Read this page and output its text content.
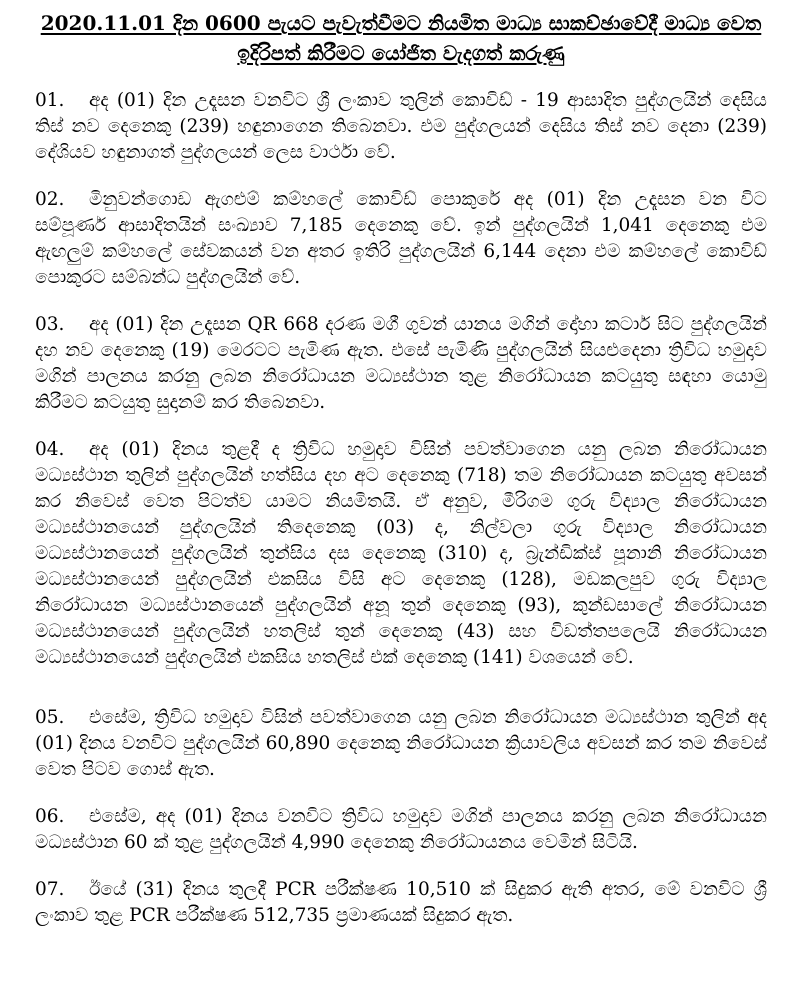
2020.11.01 දින 0600 පැයට පැවැත්වීමට නියමිත මාධ්‍ය සාකච්ඡාවේදී මාධ්‍ය වෙත
ඉදිරිපත් කිරීමට යෝජිත වැදගත් කරුණු

01. අද (01) දින උදෑසන වනවිට ශ්‍රී ලංකාව තුලින් කොවිඩ් - 19 ආසාදිත පුද්ගලයින් දෙසිය තිස් නව දෙනෙකු (239) හඳුනාගෙන තිබෙනවා. එම පුද්ගලයන් දෙසිය තිස් නව දෙනා (239) දේශියව හඳුනාගත් පුද්ගලයන් ලෙස වාර්ථා වේ.

02. මිනුවන්ගොඩ ඇගළුම් කම්හලේ කොවිඩ් පොකුරේ අද (01) දින උදෑසන වන විට සම්පූර්ණ ආසාදිතයින් සංඛ්‍යාව 7,185 දෙනෙකු වේ. ඉන් පුද්ගලයින් 1,041 දෙනෙකු එම ඇඟලුම් කම්හලේ සේවකයන් වන අතර ඉතිරි පුද්ගලයින් 6,144 දෙනා එම කම්හලේ කොවිඩ් පොකුරට සම්බන්ධ පුද්ගලයින් වේ.

03. අද (01) දින උදෑසන QR 668 දරණ මගී ගුවන් යානය මගින් දෝහා කටාර් සිට පුද්ගලයින් දහ නව දෙනෙකු (19) මෙරටට පැමිණ ඇත. එසේ පැමිණි පුද්ගලයින් සියළුදෙනා ත්‍රිවිධ හමුදාව මගින් පාලනය කරනු ලබන නිරෝධායන මධ්‍යස්ථාන තුළ නිරෝධායන කටයුතු සඳහා යොමු කිරීමට කටයුතු සුදානම් කර තිබෙනවා.

04. අද (01) දිනය තුළදී ද ත්‍රිවිධ හමුදාව විසින් පවත්වාගෙන යනු ලබන නිරෝධායන මධ්‍යස්ථාන තුලින් පුද්ගලයින් හත්සිය දහ අට දෙනෙකු (718) තම නිරෝධායන කටයුතු අවසන් කර නිවෙස් වෙත පිටත්ව යාමට නියමිතයි. ඒ අනුව, මීරිගම ගුරු විද්‍යාල නිරෝධායන මධ්‍යස්ථානයෙන් පුද්ගලයින් තිදෙනෙකු (03) ද, නිල්වලා ගුරු විද්‍යාල නිරෝධායන මධ්‍යස්ථානයෙන් පුද්ගලයින් තුන්සිය දස දෙනෙකු (310) ද, බ්‍රැන්ඩික්ස් පූනානි නිරෝධායන මධ්‍යස්ථානයෙන් පුද්ගලයින් එකසිය විසි අට දෙනෙකු (128), මඩකලපුව ගුරු විද්‍යාල නිරෝධායන මධ්‍යස්ථානයෙන් පුද්ගලයින් අනූ තුන් දෙනෙකු (93), කුන්ඩසාලේ නිරෝධායන මධ්‍යස්ථානයෙන් පුද්ගලයින් හතලිස් තුන් දෙනෙකු (43) සහ විඩත්තපලෙයි නිරෝධායන මධ්‍යස්ථානයෙන් පුද්ගලයින් එකසිය හතලිස් එක් දෙනෙකු (141) වශයෙන් වේ.

05. එසේම, ත්‍රිවිධ හමුදාව විසින් පවත්වාගෙන යනු ලබන නිරෝධායන මධ්‍යස්ථාන තුලින් අද (01) දිනය වනවිට පුද්ගලයින් 60,890 දෙනෙකු නිරෝධායන ක්‍රියාවලිය අවසන් කර තම නිවෙස් වෙත පිටව ගොස් ඇත.

06. එසේම, අද (01) දිනය වනවිට ත්‍රිවිධ හමුදාව මගින් පාලනය කරනු ලබන නිරෝධායන මධ්‍යස්ථාන 60 ක් තුළ පුද්ගලයින් 4,990 දෙනෙකු නිරෝධායනය වෙමින් සිටියි.

07. ඊයේ (31) දිනය තුලදී PCR පරීක්ෂණ 10,510 ක් සිදුකර ඇති අතර, මේ වනවිට ශ්‍රී ලංකාව තුළ PCR පරීක්ෂණ 512,735 ප්‍රමාණයක් සිදුකර ඇත.
